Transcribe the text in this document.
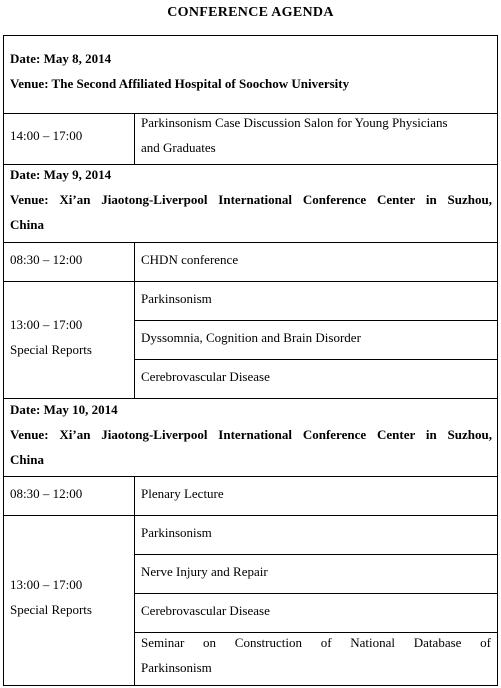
CONFERENCE AGENDA
Date: May 8, 2014
Venue: The Second Affiliated Hospital of Soochow University
14:00 – 17:00
Parkinsonism Case Discussion Salon for Young Physicians
and Graduates
Date: May 9, 2014
Venue: Xi’an Jiaotong-Liverpool International Conference Center in Suzhou,
China
08:30 – 12:00	CHDN conference
13:00 – 17:00
Special Reports
Parkinsonism
Dyssomnia, Cognition and Brain Disorder
Cerebrovascular Disease
Date: May 10, 2014
Venue: Xi’an Jiaotong-Liverpool International Conference Center in Suzhou,
China
08:30 – 12:00	Plenary Lecture
13:00 – 17:00
Special Reports
Parkinsonism
Nerve Injury and Repair
Cerebrovascular Disease
Seminar on Construction of National Database of
Parkinsonism
